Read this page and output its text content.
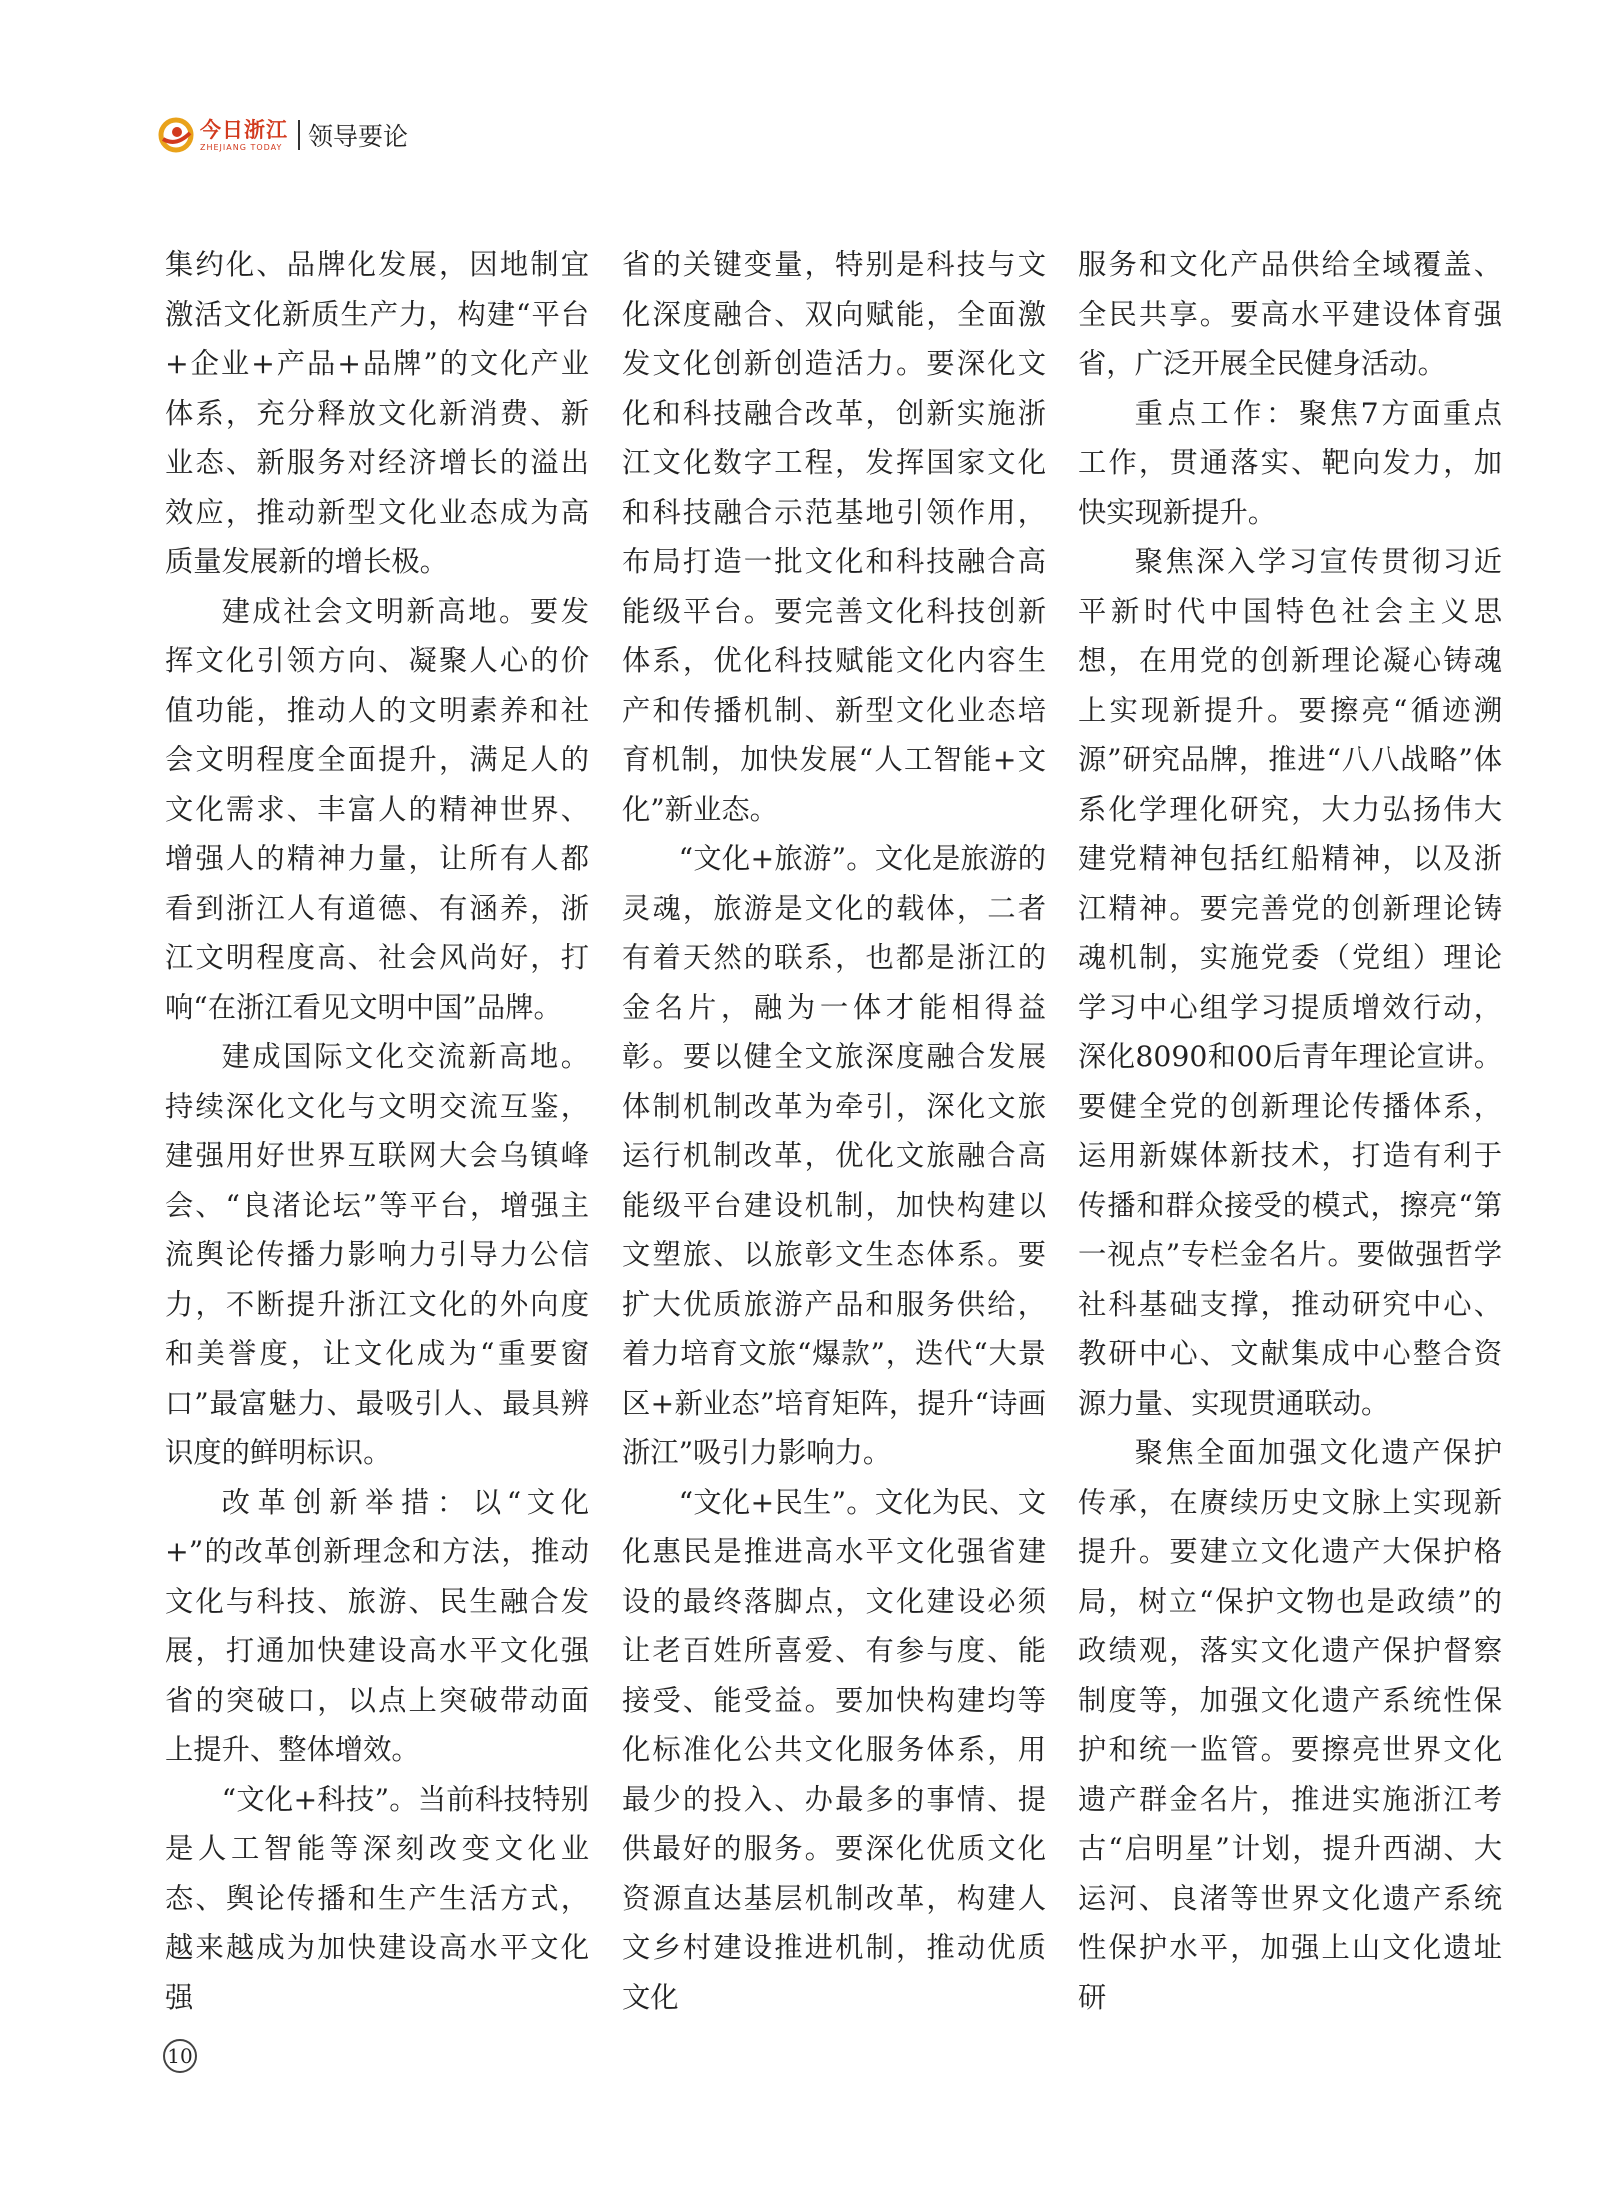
今日浙江
ZHEJIANG TODAY 领导要论

集约化、品牌化发展，因地制宜激活文化新质生产力，构建“平台+企业+产品+品牌”的文化产业体系，充分释放文化新消费、新业态、新服务对经济增长的溢出效应，推动新型文化业态成为高质量发展新的增长极。

建成社会文明新高地。要发挥文化引领方向、凝聚人心的价值功能，推动人的文明素养和社会文明程度全面提升，满足人的文化需求、丰富人的精神世界、增强人的精神力量，让所有人都看到浙江人有道德、有涵养，浙江文明程度高、社会风尚好，打响“在浙江看见文明中国”品牌。

建成国际文化交流新高地。持续深化文化与文明交流互鉴，建强用好世界互联网大会乌镇峰会、“良渚论坛”等平台，增强主流舆论传播力影响力引导力公信力，不断提升浙江文化的外向度和美誉度，让文化成为“重要窗口”最富魅力、最吸引人、最具辨识度的鲜明标识。

改革创新举措：以“文化+”的改革创新理念和方法，推动文化与科技、旅游、民生融合发展，打通加快建设高水平文化强省的突破口，以点上突破带动面上提升、整体增效。

“文化+科技”。当前科技特别是人工智能等深刻改变文化业态、舆论传播和生产生活方式，越来越成为加快建设高水平文化强

省的关键变量，特别是科技与文化深度融合、双向赋能，全面激发文化创新创造活力。要深化文化和科技融合改革，创新实施浙江文化数字工程，发挥国家文化和科技融合示范基地引领作用，布局打造一批文化和科技融合高能级平台。要完善文化科技创新体系，优化科技赋能文化内容生产和传播机制、新型文化业态培育机制，加快发展“人工智能+文化”新业态。

“文化+旅游”。文化是旅游的灵魂，旅游是文化的载体，二者有着天然的联系，也都是浙江的金名片，融为一体才能相得益彰。要以健全文旅深度融合发展体制机制改革为牵引，深化文旅运行机制改革，优化文旅融合高能级平台建设机制，加快构建以文塑旅、以旅彰文生态体系。要扩大优质旅游产品和服务供给，着力培育文旅“爆款”，迭代“大景区+新业态”培育矩阵，提升“诗画浙江”吸引力影响力。

“文化+民生”。文化为民、文化惠民是推进高水平文化强省建设的最终落脚点，文化建设必须让老百姓所喜爱、有参与度、能接受、能受益。要加快构建均等化标准化公共文化服务体系，用最少的投入、办最多的事情、提供最好的服务。要深化优质文化资源直达基层机制改革，构建人文乡村建设推进机制，推动优质文化

服务和文化产品供给全域覆盖、全民共享。要高水平建设体育强省，广泛开展全民健身活动。

重点工作：聚焦7方面重点工作，贯通落实、靶向发力，加快实现新提升。

聚焦深入学习宣传贯彻习近平新时代中国特色社会主义思想，在用党的创新理论凝心铸魂上实现新提升。要擦亮“循迹溯源”研究品牌，推进“八八战略”体系化学理化研究，大力弘扬伟大建党精神包括红船精神，以及浙江精神。要完善党的创新理论铸魂机制，实施党委（党组）理论学习中心组学习提质增效行动，深化8090和00后青年理论宣讲。要健全党的创新理论传播体系，运用新媒体新技术，打造有利于传播和群众接受的模式，擦亮“第一视点”专栏金名片。要做强哲学社科基础支撑，推动研究中心、教研中心、文献集成中心整合资源力量、实现贯通联动。

聚焦全面加强文化遗产保护传承，在赓续历史文脉上实现新提升。要建立文化遗产大保护格局，树立“保护文物也是政绩”的政绩观，落实文化遗产保护督察制度等，加强文化遗产系统性保护和统一监管。要擦亮世界文化遗产群金名片，推进实施浙江考古“启明星”计划，提升西湖、大运河、良渚等世界文化遗产系统性保护水平，加强上山文化遗址研

10
